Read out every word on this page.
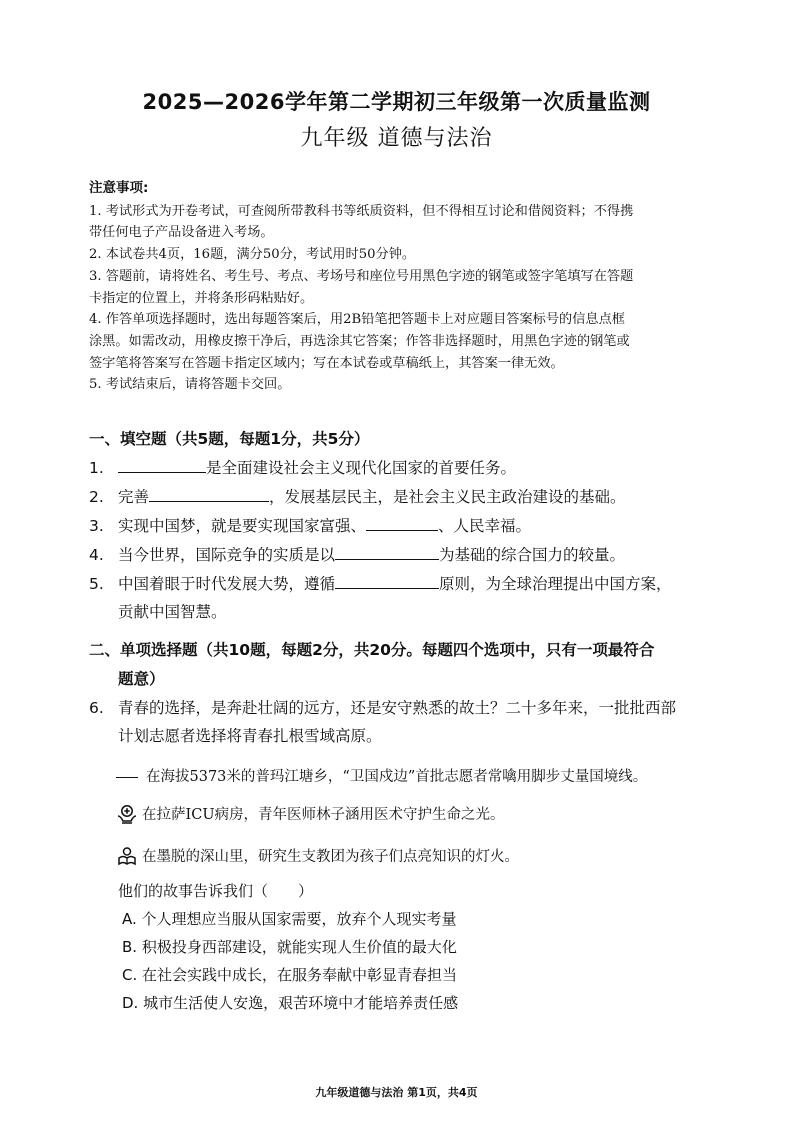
2025—2026学年第二学期初三年级第一次质量监测
九年级 道德与法治
注意事项:

1. 考试形式为开卷考试，可查阅所带教科书等纸质资料，但不得相互讨论和借阅资料；不得携

带任何电子产品设备进入考场。

2. 本试卷共4页，16题，满分50分，考试用时50分钟。

3. 答题前，请将姓名、考生号、考点、考场号和座位号用黑色字迹的钢笔或签字笔填写在答题

卡指定的位置上，并将条形码粘贴好。

4. 作答单项选择题时，选出每题答案后，用2B铅笔把答题卡上对应题目答案标号的信息点框

涂黑。如需改动，用橡皮擦干净后，再选涂其它答案；作答非选择题时，用黑色字迹的钢笔或

签字笔将答案写在答题卡指定区域内；写在本试卷或草稿纸上，其答案一律无效。

5. 考试结束后，请将答题卡交回。

一、填空题（共5题，每题1分，共5分）
1.	是全面建设社会主义现代化国家的首要任务。
2. 完善	，发展基层民主，是社会主义民主政治建设的基础。
3. 实现中国梦，就是要实现国家富强、	、人民幸福。
4. 当今世界，国际竞争的实质是以	为基础的综合国力的较量。
5. 中国着眼于时代发展大势，遵循	原则，为全球治理提出中国方案，
贡献中国智慧。
二、单项选择题（共10题，每题2分，共20分。每题四个选项中，只有一项最符合
题意）
6. 青春的选择，是奔赴壮阔的远方，还是安守熟悉的故土？二十多年来，一批批西部
计划志愿者选择将青春扎根雪域高原。
在海拔5373米的普玛江塘乡，“卫国戍边”首批志愿者常噙用脚步丈量国境线。
在拉萨ICU病房，青年医师林子涵用医术守护生命之光。
在墨脱的深山里，研究生支教团为孩子们点亮知识的灯火。
他们的故事告诉我们（　　）
A. 个人理想应当服从国家需要，放弃个人现实考量
B. 积极投身西部建设，就能实现人生价值的最大化
C. 在社会实践中成长，在服务奉献中彰显青春担当
D. 城市生活使人安逸，艰苦环境中才能培养责任感
九年级道德与法治 第1页，共4页
